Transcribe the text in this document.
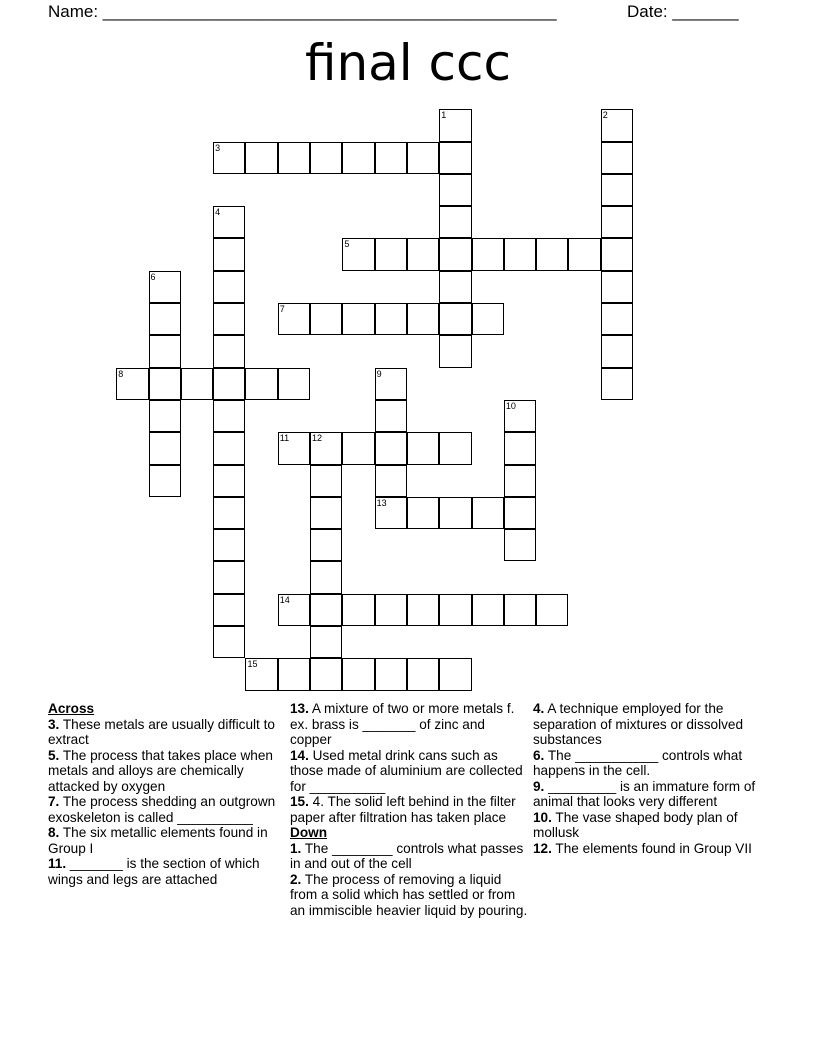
Name: ________________________________________________	Date: _______
final ccc
1	2
3
4
5
6
7
8	9
13
10
11	12
14
15
Across
3. These metals are usually difficult to extract
5. The process that takes place when metals and alloys are chemically attacked by oxygen
7. The process shedding an outgrown exoskeleton is called __________
8. The six metallic elements found in Group I
11. _______ is the section of which wings and legs are attached
13. A mixture of two or more metals f. ex. brass is _______ of zinc and copper
14. Used metal drink cans such as those made of aluminium are collected for __________
15. 4. The solid left behind in the filter paper after filtration has taken place
Down
1. The ________ controls what passes in and out of the cell
2. The process of removing a liquid from a solid which has settled or from an immiscible heavier liquid by pouring.
4. A technique employed for the separation of mixtures or dissolved substances
6. The ___________ controls what happens in the cell.
9. _________ is an immature form of animal that looks very different
10. The vase shaped body plan of mollusk
12. The elements found in Group VII
